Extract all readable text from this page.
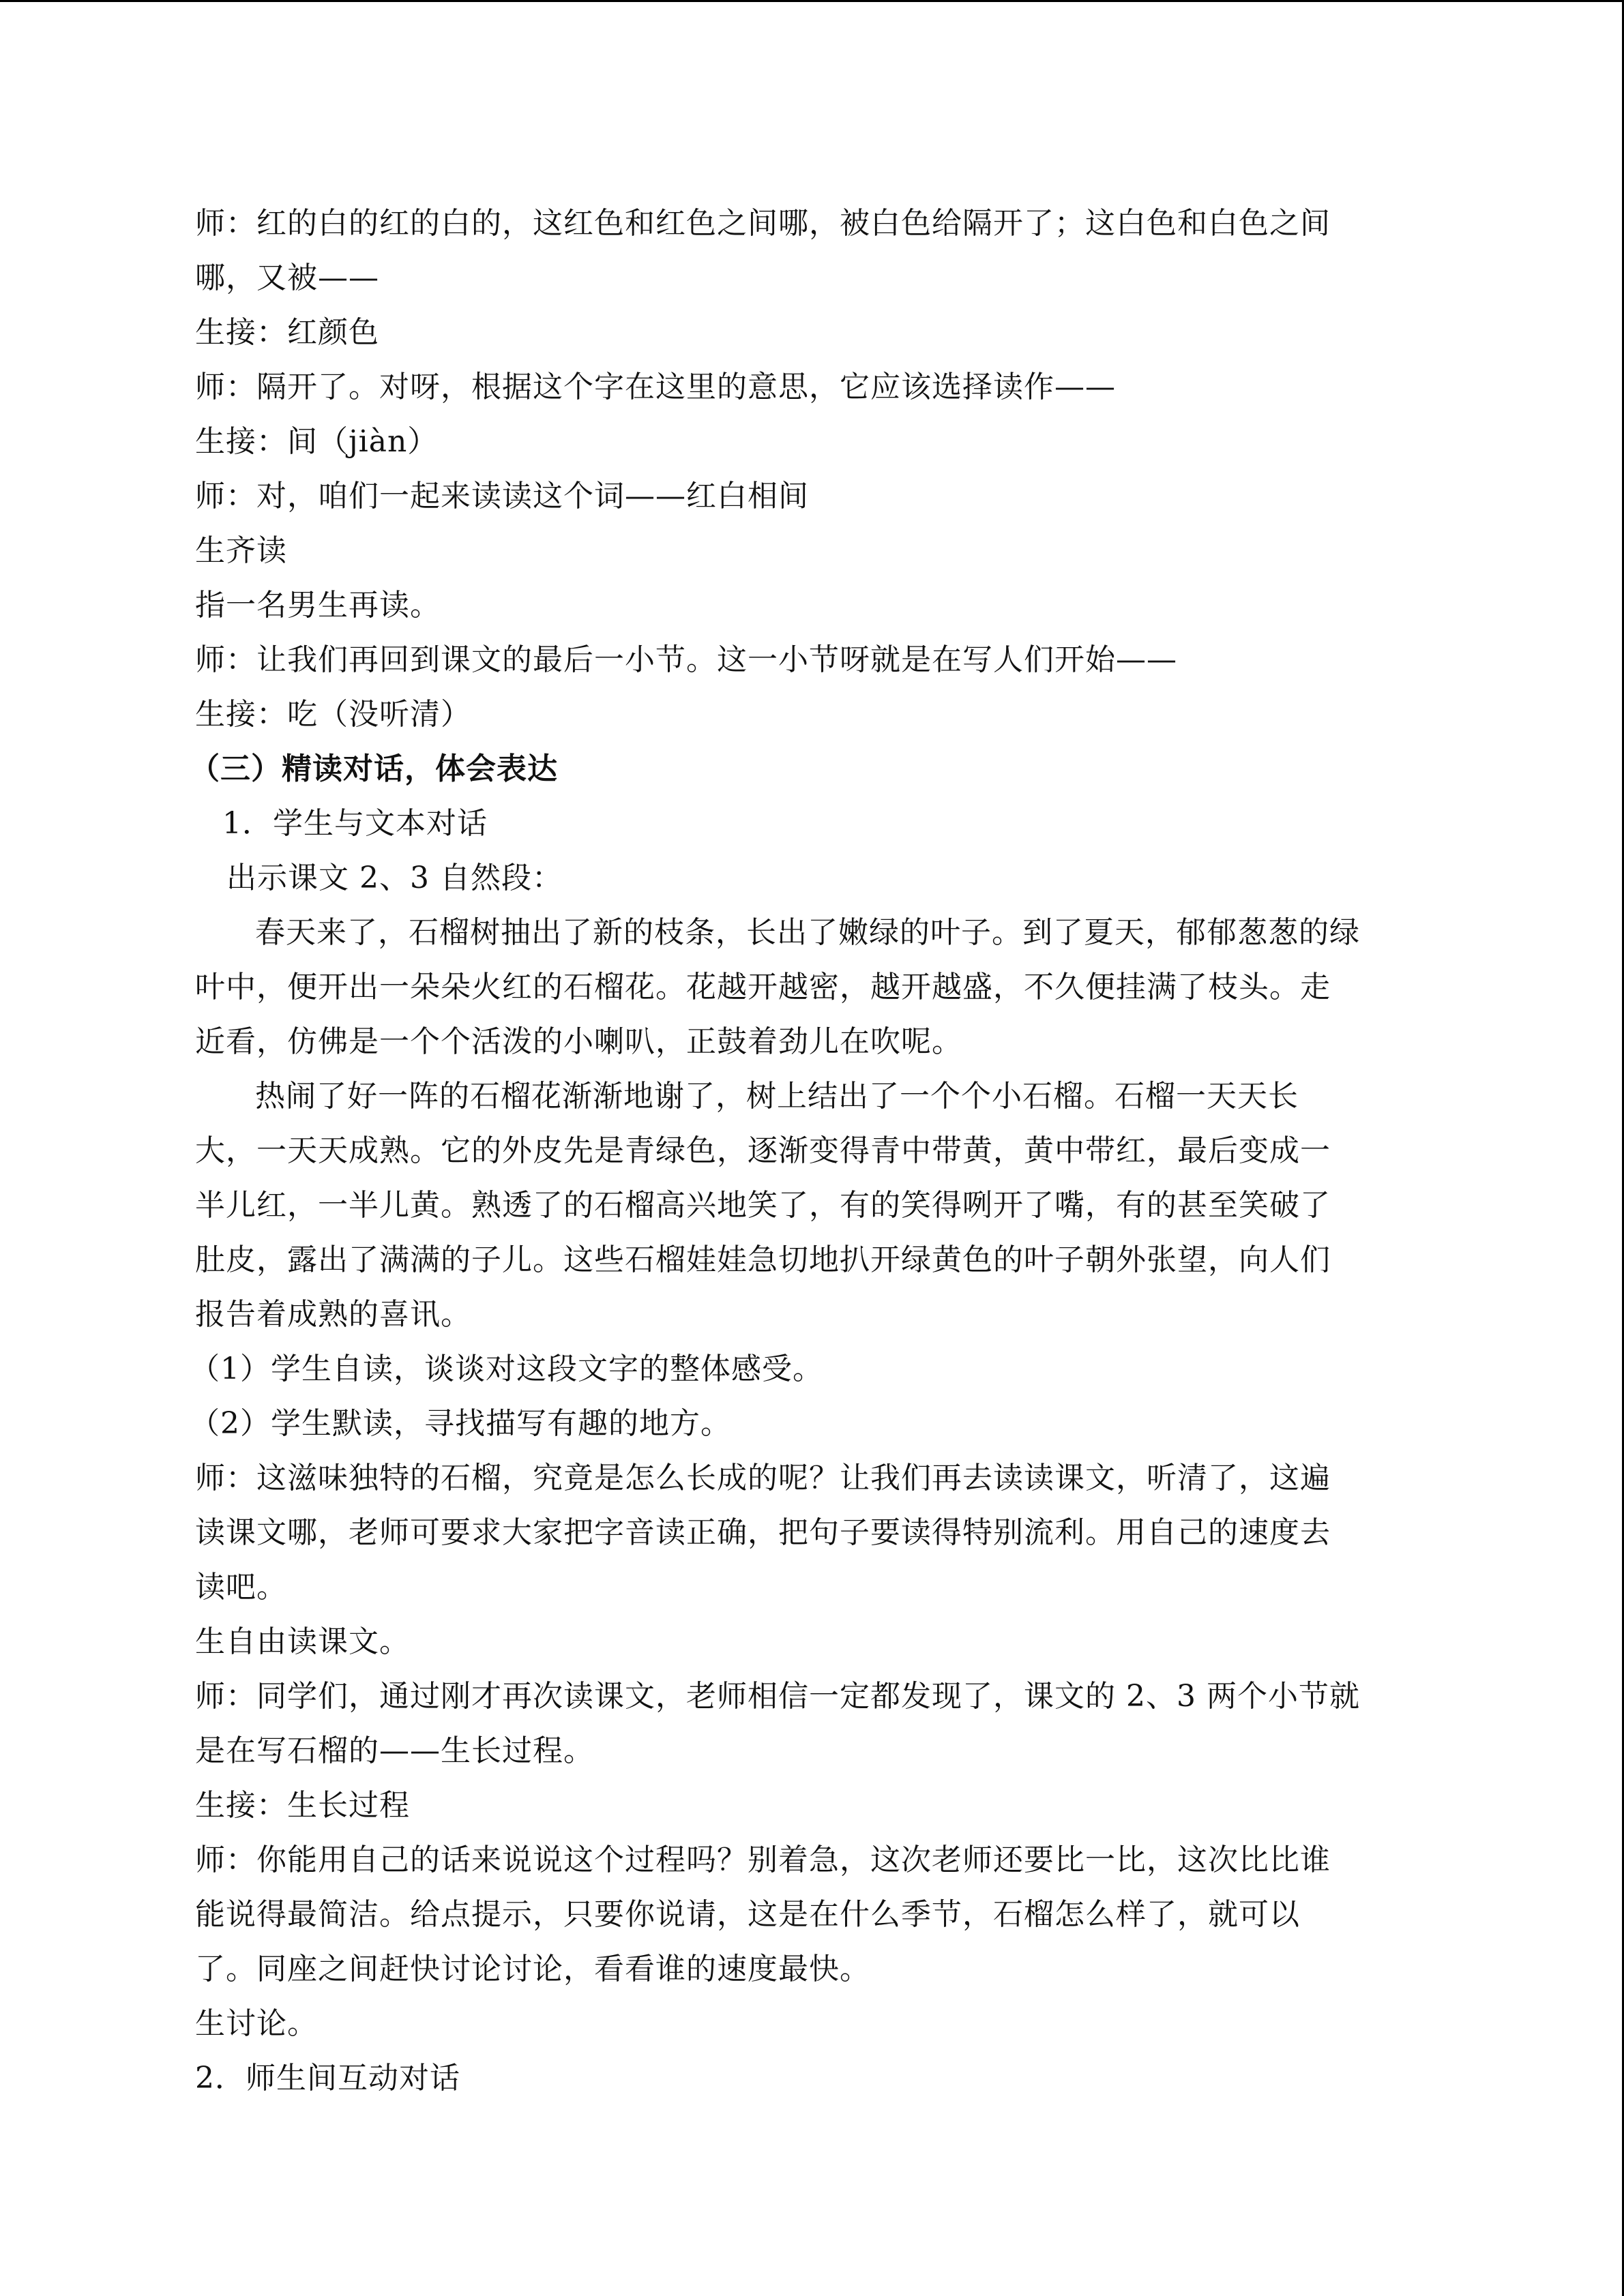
师：红的白的红的白的，这红色和红色之间哪，被白色给隔开了；这白色和白色之间
哪，又被——
生接：红颜色
师：隔开了。对呀，根据这个字在这里的意思，它应该选择读作——
生接：间（jiàn）
师：对，咱们一起来读读这个词——红白相间
生齐读
指一名男生再读。
师：让我们再回到课文的最后一小节。这一小节呀就是在写人们开始——
生接：吃（没听清）
（三）精读对话，体会表达
1．学生与文本对话
出示课文 2、3 自然段：
春天来了，石榴树抽出了新的枝条，长出了嫩绿的叶子。到了夏天，郁郁葱葱的绿
叶中，便开出一朵朵火红的石榴花。花越开越密，越开越盛，不久便挂满了枝头。走
近看，仿佛是一个个活泼的小喇叭，正鼓着劲儿在吹呢。
热闹了好一阵的石榴花渐渐地谢了，树上结出了一个个小石榴。石榴一天天长
大，一天天成熟。它的外皮先是青绿色，逐渐变得青中带黄，黄中带红，最后变成一
半儿红，一半儿黄。熟透了的石榴高兴地笑了，有的笑得咧开了嘴，有的甚至笑破了
肚皮，露出了满满的子儿。这些石榴娃娃急切地扒开绿黄色的叶子朝外张望，向人们
报告着成熟的喜讯。
（1）学生自读，谈谈对这段文字的整体感受。
（2）学生默读，寻找描写有趣的地方。
师：这滋味独特的石榴，究竟是怎么长成的呢？让我们再去读读课文，听清了，这遍
读课文哪，老师可要求大家把字音读正确，把句子要读得特别流利。用自己的速度去
读吧。
生自由读课文。
师：同学们，通过刚才再次读课文，老师相信一定都发现了，课文的 2、3 两个小节就
是在写石榴的——生长过程。
生接：生长过程
师：你能用自己的话来说说这个过程吗？别着急，这次老师还要比一比，这次比比谁
能说得最简洁。给点提示，只要你说请，这是在什么季节，石榴怎么样了，就可以
了。同座之间赶快讨论讨论，看看谁的速度最快。
生讨论。
2．师生间互动对话
